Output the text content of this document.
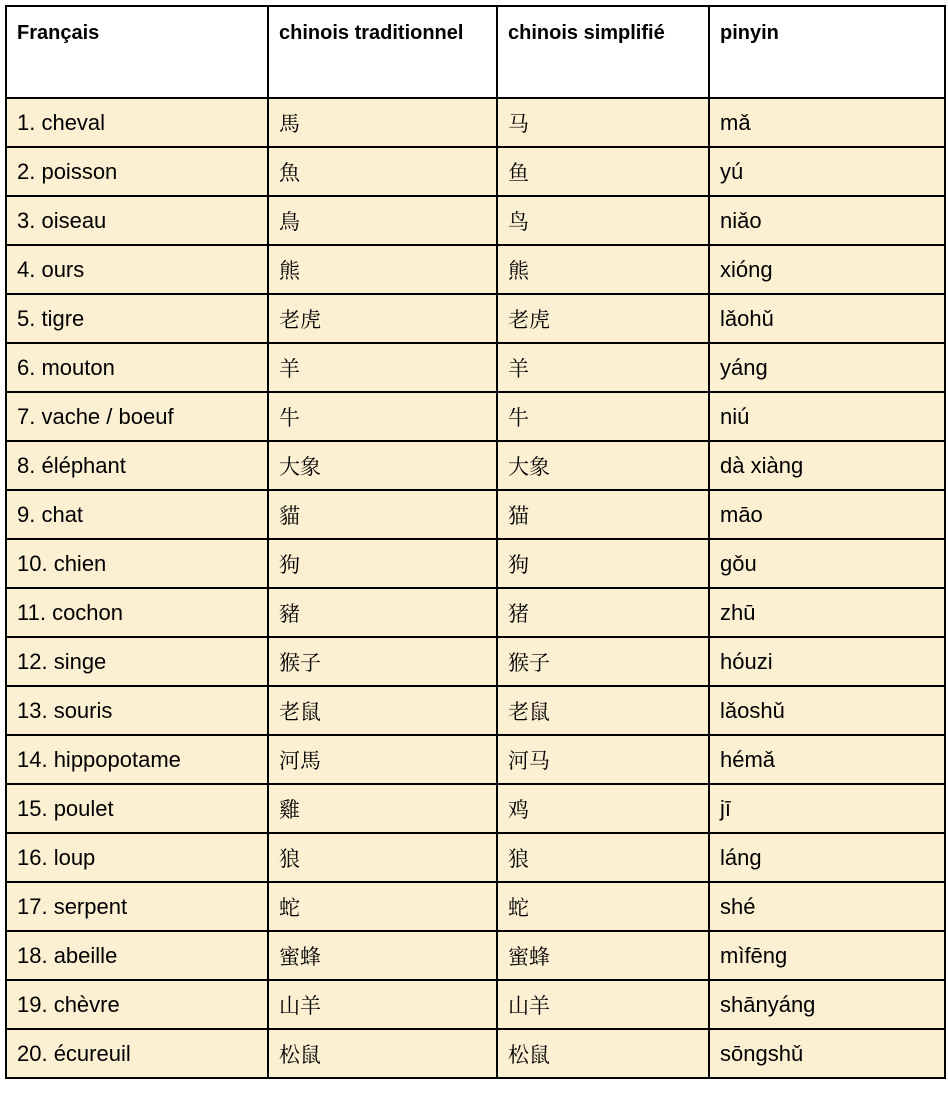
Français	chinois traditionnel	chinois simplifié	pinyin
1. cheval	馬	马	mǎ
2. poisson	魚	鱼	yú
3. oiseau	鳥	鸟	niǎo
4. ours	熊	熊	xióng
5. tigre	老虎	老虎	lǎohǔ
6. mouton	羊	羊	yáng
7. vache / boeuf	牛	牛	niú
8. éléphant	大象	大象	dà xiàng
9. chat	貓	猫	māo
10. chien	狗	狗	gǒu
11. cochon	豬	猪	zhū
12. singe	猴子	猴子	hóuzi
13. souris	老鼠	老鼠	lǎoshǔ
14. hippopotame	河馬	河马	hémǎ
15. poulet	雞	鸡	jī
16. loup	狼	狼	láng
17. serpent	蛇	蛇	shé
18. abeille	蜜蜂	蜜蜂	mìfēng
19. chèvre	山羊	山羊	shānyáng
20. écureuil	松鼠	松鼠	sōngshǔ
